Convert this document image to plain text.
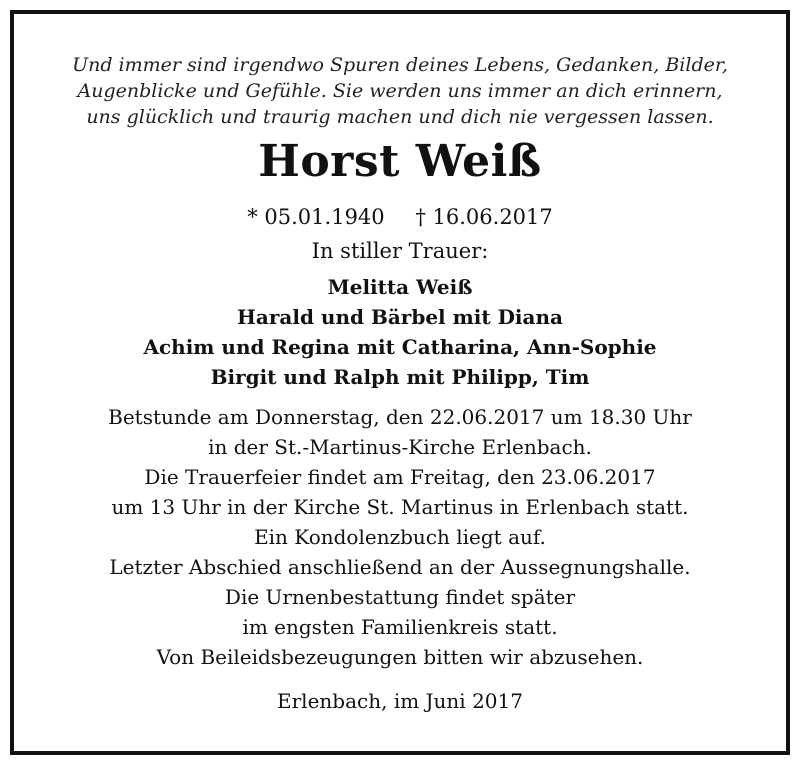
Und immer sind irgendwo Spuren deines Lebens, Gedanken, Bilder,
Augenblicke und Gefühle. Sie werden uns immer an dich erinnern,
uns glücklich und traurig machen und dich nie vergessen lassen.
Horst Weiß
* 05.01.1940 † 16.06.2017
In stiller Trauer:
Melitta Weiß
Harald und Bärbel mit Diana
Achim und Regina mit Catharina, Ann-Sophie
Birgit und Ralph mit Philipp, Tim
Betstunde am Donnerstag, den 22.06.2017 um 18.30 Uhr
in der St.-Martinus-Kirche Erlenbach.
Die Trauerfeier findet am Freitag, den 23.06.2017
um 13 Uhr in der Kirche St. Martinus in Erlenbach statt.
Ein Kondolenzbuch liegt auf.
Letzter Abschied anschließend an der Aussegnungshalle.
Die Urnenbestattung findet später
im engsten Familienkreis statt.
Von Beileidsbezeugungen bitten wir abzusehen.
Erlenbach, im Juni 2017
